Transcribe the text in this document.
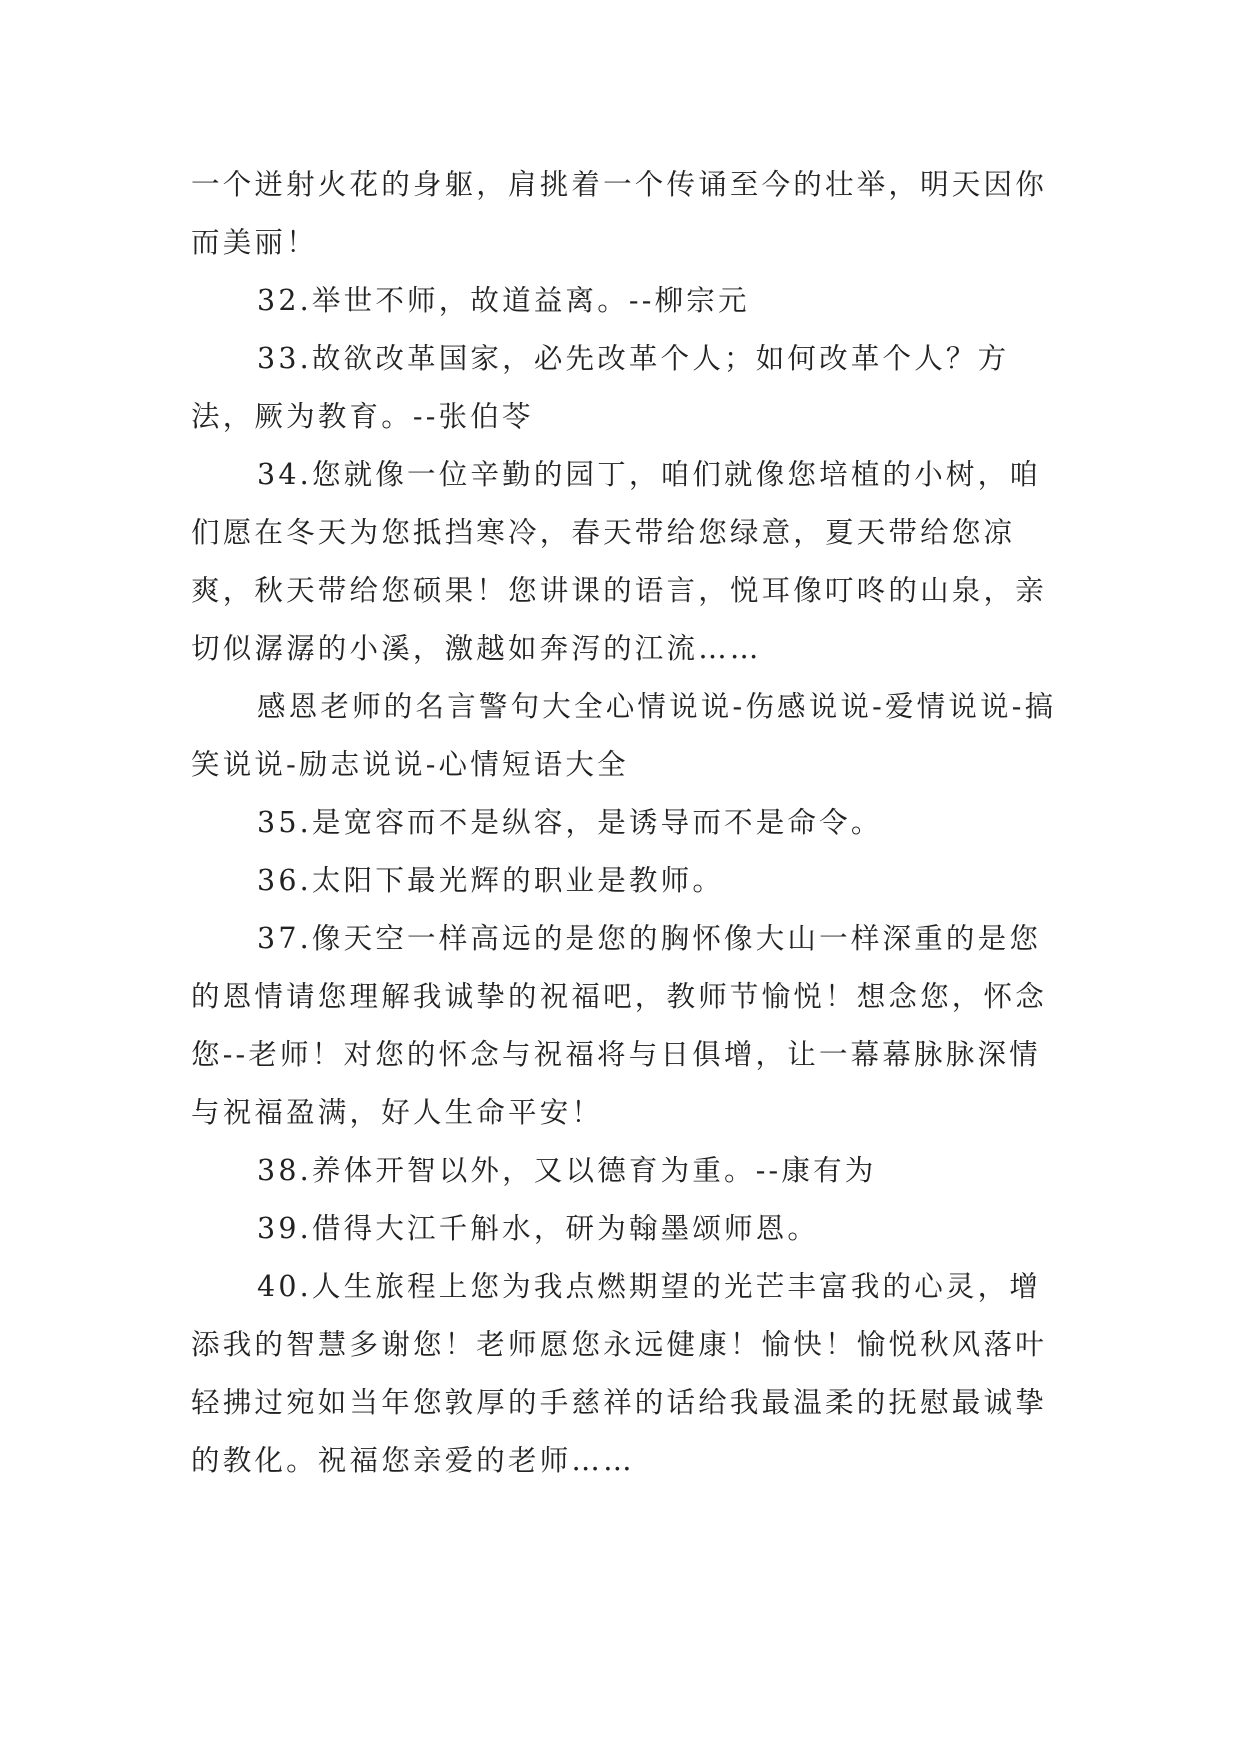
一个迸射火花的身躯，肩挑着一个传诵至今的壮举，明天因你而美丽！

32.举世不师，故道益离。--柳宗元

33.故欲改革国家，必先改革个人；如何改革个人？方法，厥为教育。--张伯苓

34.您就像一位辛勤的园丁，咱们就像您培植的小树，咱们愿在冬天为您抵挡寒冷，春天带给您绿意，夏天带给您凉爽，秋天带给您硕果！您讲课的语言，悦耳像叮咚的山泉，亲切似潺潺的小溪，激越如奔泻的江流……

感恩老师的名言警句大全心情说说-伤感说说-爱情说说-搞笑说说-励志说说-心情短语大全

35.是宽容而不是纵容，是诱导而不是命令。

36.太阳下最光辉的职业是教师。

37.像天空一样高远的是您的胸怀像大山一样深重的是您的恩情请您理解我诚挚的祝福吧，教师节愉悦！想念您，怀念您--老师！对您的怀念与祝福将与日俱增，让一幕幕脉脉深情与祝福盈满，好人生命平安！

38.养体开智以外，又以德育为重。--康有为

39.借得大江千斛水，研为翰墨颂师恩。

40.人生旅程上您为我点燃期望的光芒丰富我的心灵，增添我的智慧多谢您！老师愿您永远健康！愉快！愉悦秋风落叶轻拂过宛如当年您敦厚的手慈祥的话给我最温柔的抚慰最诚挚的教化。祝福您亲爱的老师……
